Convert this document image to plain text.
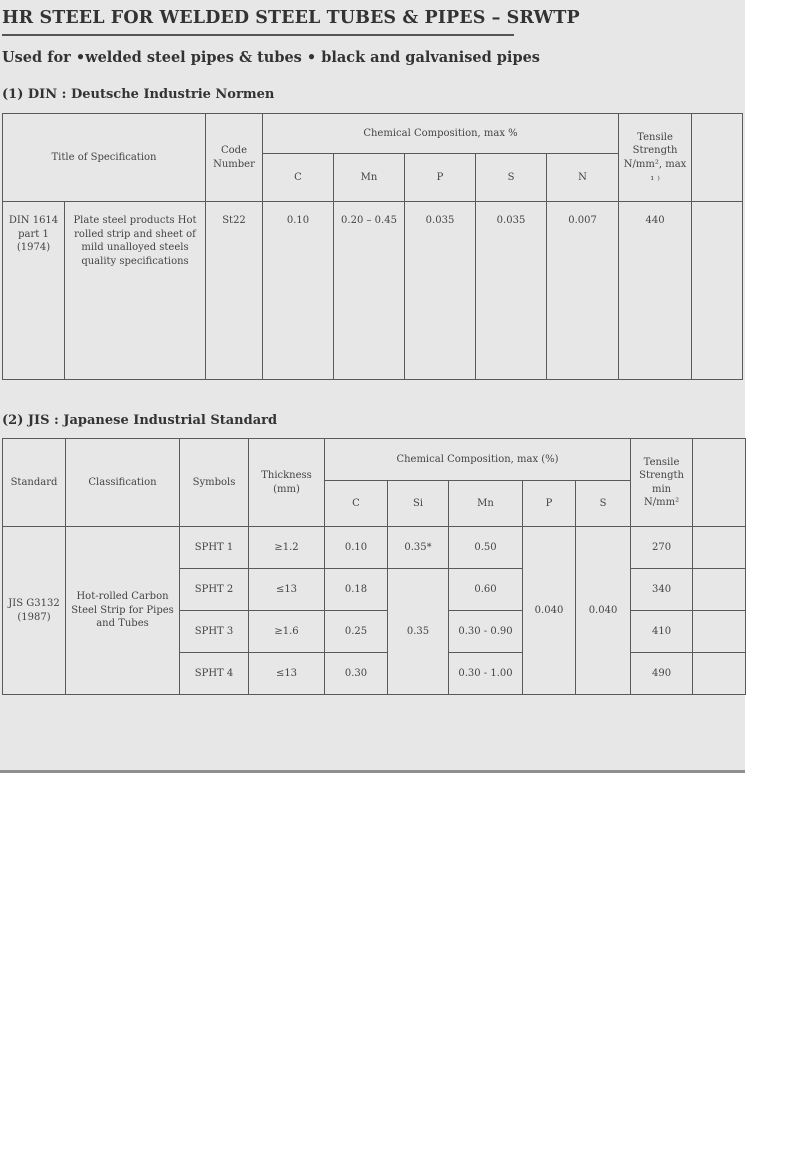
HR STEEL FOR WELDED STEEL TUBES & PIPES – SRWTP
Used for •welded steel pipes & tubes • black and galvanised pipes
(1) DIN : Deutsche Industrie Normen
Title of Specification		Code Number	Chemical Composition, max %					Tensile Strength N/mm², max ₁ ₎	
			C	Mn	P	S	N		
DIN 1614 part 1 (1974)	Plate steel products Hot rolled strip and sheet of mild unalloyed steels quality specifications	St22	0.10	0.20 – 0.45	0.035	0.035	0.007	440	
(2) JIS : Japanese Industrial Standard
Standard	Classification	Symbols	Thickness (mm)	Chemical Composition, max (%)					Tensile Strength min N/mm²	
				C	Si	Mn	P	S		
JIS G3132 (1987)	Hot-rolled Carbon Steel Strip for Pipes and Tubes	SPHT 1	≥1.2	0.10	0.35*	0.50	0.040	0.040	270	
		SPHT 2	≤13	0.18	0.35	0.60			340	
		SPHT 3	≥1.6	0.25		0.30 - 0.90			410	
		SPHT 4	≤13	0.30		0.30 - 1.00			490	
